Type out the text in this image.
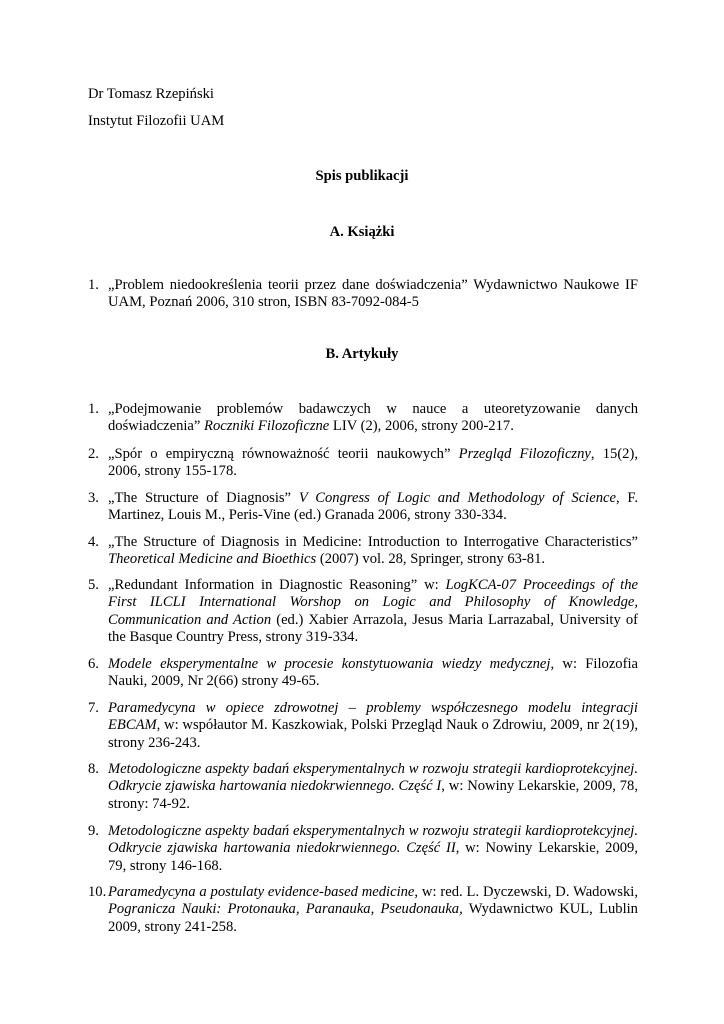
Dr Tomasz Rzepiński
Instytut Filozofii UAM
Spis publikacji
A. Książki
1. „Problem niedookreślenia teorii przez dane doświadczenia” Wydawnictwo Naukowe IF UAM, Poznań 2006, 310 stron, ISBN 83-7092-084-5
B. Artykuły
1. „Podejmowanie problemów badawczych w nauce a uteoretyzowanie danych doświadczenia” Roczniki Filozoficzne LIV (2), 2006, strony 200-217.
2. „Spór o empiryczną równoważność teorii naukowych” Przegląd Filozoficzny, 15(2), 2006, strony 155-178.
3. „The Structure of Diagnosis” V Congress of Logic and Methodology of Science, F. Martinez, Louis M., Peris-Vine (ed.) Granada 2006, strony 330-334.
4. „The Structure of Diagnosis in Medicine: Introduction to Interrogative Characteristics” Theoretical Medicine and Bioethics (2007) vol. 28, Springer, strony 63-81.
5. „Redundant Information in Diagnostic Reasoning” w: LogKCA-07 Proceedings of the First ILCLI International Worshop on Logic and Philosophy of Knowledge, Communication and Action (ed.) Xabier Arrazola, Jesus Maria Larrazabal, University of the Basque Country Press, strony 319-334.
6. Modele eksperymentalne w procesie konstytuowania wiedzy medycznej, w: Filozofia Nauki, 2009, Nr 2(66) strony 49-65.
7. Paramedycyna w opiece zdrowotnej – problemy współczesnego modelu integracji EBCAM, w: współautor M. Kaszkowiak, Polski Przegląd Nauk o Zdrowiu, 2009, nr 2(19), strony 236-243.
8. Metodologiczne aspekty badań eksperymentalnych w rozwoju strategii kardioprotekcyjnej. Odkrycie zjawiska hartowania niedokrwiennego. Część I, w: Nowiny Lekarskie, 2009, 78, strony: 74-92.
9. Metodologiczne aspekty badań eksperymentalnych w rozwoju strategii kardioprotekcyjnej. Odkrycie zjawiska hartowania niedokrwiennego. Część II, w: Nowiny Lekarskie, 2009, 79, strony 146-168.
10. Paramedycyna a postulaty evidence-based medicine, w: red. L. Dyczewski, D. Wadowski, Pogranicza Nauki: Protonauka, Paranauka, Pseudonauka, Wydawnictwo KUL, Lublin 2009, strony 241-258.
